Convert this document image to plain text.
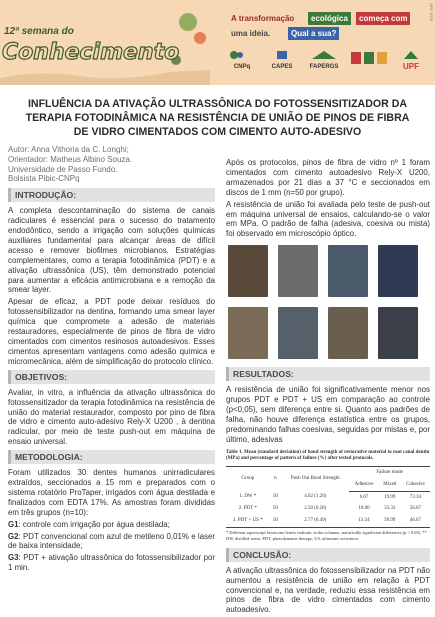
12ª semana do
Conhecimento
A transformação	ecológica	começa com
uma ideia.	Qual a sua?
CNPq	CAPES	FAPERGS	UPF
UPF-2025
INFLUÊNCIA DA ATIVAÇÃO ULTRASSÔNICA DO FOTOSSENSITIZADOR DA TERAPIA FOTODINÂMICA NA RESISTÊNCIA DE UNIÃO DE PINOS DE FIBRA DE VIDRO CIMENTADOS COM CIMENTO AUTO-ADESIVO
Autor: Anna Vithoria da C. Longhi;
Orientador: Matheus Albino Souza.
Universidade de Passo Fundo.
Bolsista Pibic-CNPq
INTRODUÇÃO:
A completa descontaminação do sistema de canais radiculares é essencial para o sucesso do tratamento endodôntico, sendo a irrigação com soluções químicas auxiliares fundamental para alcançar áreas de difícil acesso e remover biofilmes microbianos. Estratégias complementares, como a terapia fotodinâmica (PDT) e a ativação ultrassônica (US), têm demonstrado potencial para aumentar a eficácia antimicrobiana e a remoção da smear layer.
Apesar de eficaz, a PDT pode deixar resíduos do fotossensibilizador na dentina, formando uma smear layer química que compromete a adesão de materiais restauradores, especialmente de pinos de fibra de vidro cimentados com cimentos resinosos autoadesivos. Esses cimentos apresentam vantagens como adesão química e micromecânica, além de simplificação do protocolo clínico.
OBJETIVOS:
Avaliar, in vitro, a influência da ativação ultrassônica do fotossensitizador da terapia fotodinâmica na resistência de união do material restaurador, composto por pino de fibra de vidro e cimento auto-adesivo Rely-X U200 , à dentina radicular, por meio de teste push-out em máquina de ensaio universal.
METODOLOGIA:
Foram utilizados 30 dentes humanos unirradiculares extraídos, seccionados a 15 mm e preparados com o sistema rotatório ProTaper, irrigados com água destilada e finalizados com EDTA 17%. As amostras foram divididas em três grupos (n=10):
G1: controle com irrigação por água destilada;
G2: PDT convencional com azul de metileno 0,01% e laser de baixa intensidade;
G3: PDT + ativação ultrassônica do fotossensibilizador por 1 min.
Após os protocolos, pinos de fibra de vidro nº 1 foram cimentados com cimento autoadesivo Rely-X U200, armazenados por 21 dias a 37 °C e seccionados em discos de 1 mm (n=50 por grupo).
A resistência de união foi avaliada pelo teste de push-out em máquina universal de ensaios, calculando-se o valor em MPa. O padrão de falha (adesiva, coesiva ou mista) foi observado em microscópio óptico.
RESULTADOS:
A resistência de união foi significativamente menor nos grupos PDT e PDT + US em comparação ao controle (p<0,05), sem diferença entre si. Quanto aos padrões de falha, não houve diferença estatística entre os grupos, predominando falhas coesivas, seguidas por mistas e, por último, adesivas
Table 1. Mean (standard deviation) of bond strength of restorative material to root canal dentin (MPa) and percentage of pattern of failure (%) after tested protocols.
Group	n	Push Out Bond Strength	Failure mode		
			Adhesive	Mixed	Cohesive
1. DW *	50	4.62 (1.26)	6.67	19.99	73.34
2. PDT *	50	2.50 (0.28)	10.00	33.33	56.67
3. PDT + US *	50	2.77 (0.49)	13.34	39.99	46.67
* Different superscript lowercase letters indicate, in the columns, statistically significant differences (p < 0.05). ** DW, distilled water; PDT, photodynamic therapy; US, ultrasonic activation.
CONCLUSÃO:
A ativação ultrassônica do fotossensibilizador na PDT não aumentou a resistência de união em relação à PDT convencional e, na verdade, reduziu essa resistência em pinos de fibra de vidro cimentados com cimento autoadesivo.
